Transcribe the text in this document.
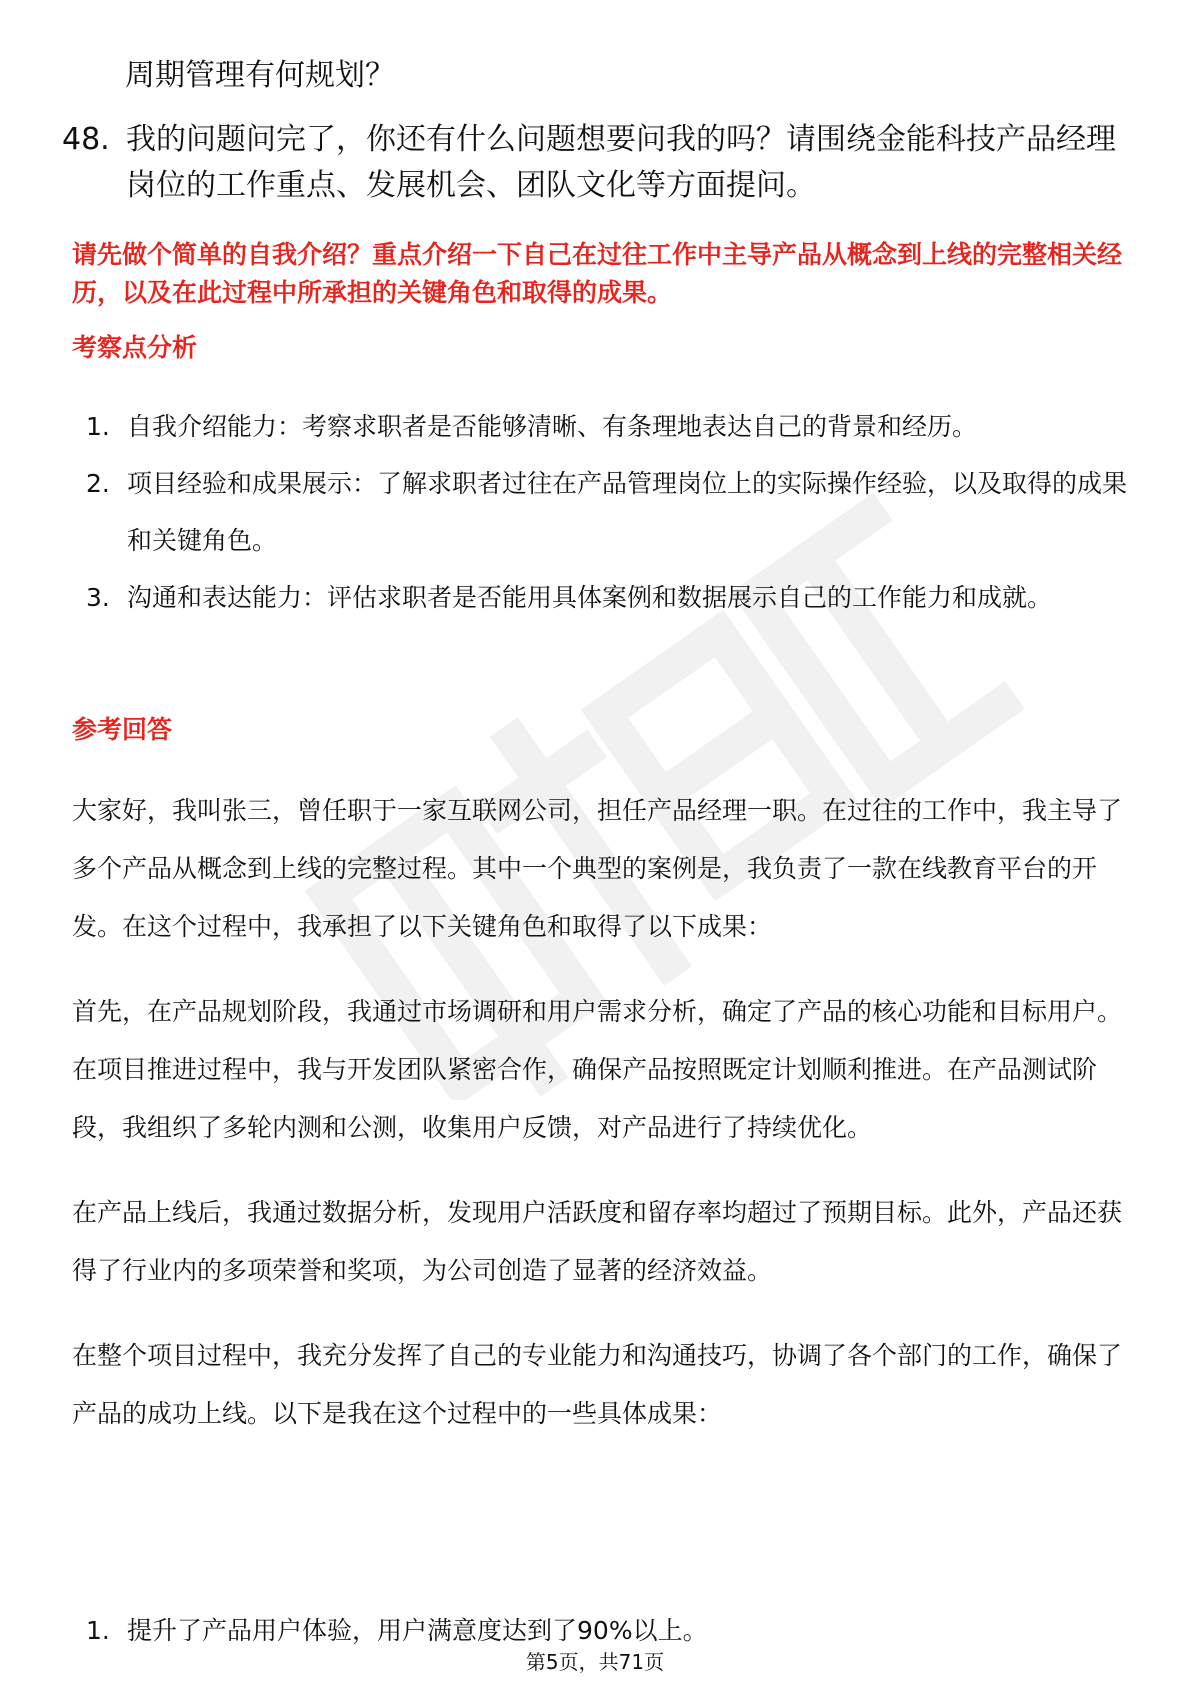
周期管理有何规划？

48. 我的问题问完了，你还有什么问题想要问我的吗？请围绕金能科技产品经理岗位的工作重点、发展机会、团队文化等方面提问。

请先做个简单的自我介绍？重点介绍一下自己在过往工作中主导产品从概念到上线的完整相关经历，以及在此过程中所承担的关键角色和取得的成果。

考察点分析
1. 自我介绍能力：考察求职者是否能够清晰、有条理地表达自己的背景和经历。
2. 项目经验和成果展示：了解求职者过往在产品管理岗位上的实际操作经验，以及取得的成果和关键角色。
3. 沟通和表达能力：评估求职者是否能用具体案例和数据展示自己的工作能力和成就。
参考回答

大家好，我叫张三，曾任职于一家互联网公司，担任产品经理一职。在过往的工作中，我主导了多个产品从概念到上线的完整过程。其中一个典型的案例是，我负责了一款在线教育平台的开发。在这个过程中，我承担了以下关键角色和取得了以下成果：

首先，在产品规划阶段，我通过市场调研和用户需求分析，确定了产品的核心功能和目标用户。在项目推进过程中，我与开发团队紧密合作，确保产品按照既定计划顺利推进。在产品测试阶段，我组织了多轮内测和公测，收集用户反馈，对产品进行了持续优化。

在产品上线后，我通过数据分析，发现用户活跃度和留存率均超过了预期目标。此外，产品还获得了行业内的多项荣誉和奖项，为公司创造了显著的经济效益。

在整个项目过程中，我充分发挥了自己的专业能力和沟通技巧，协调了各个部门的工作，确保了产品的成功上线。以下是我在这个过程中的一些具体成果：

1. 提升了产品用户体验，用户满意度达到了90%以上。
第5页，共71页
